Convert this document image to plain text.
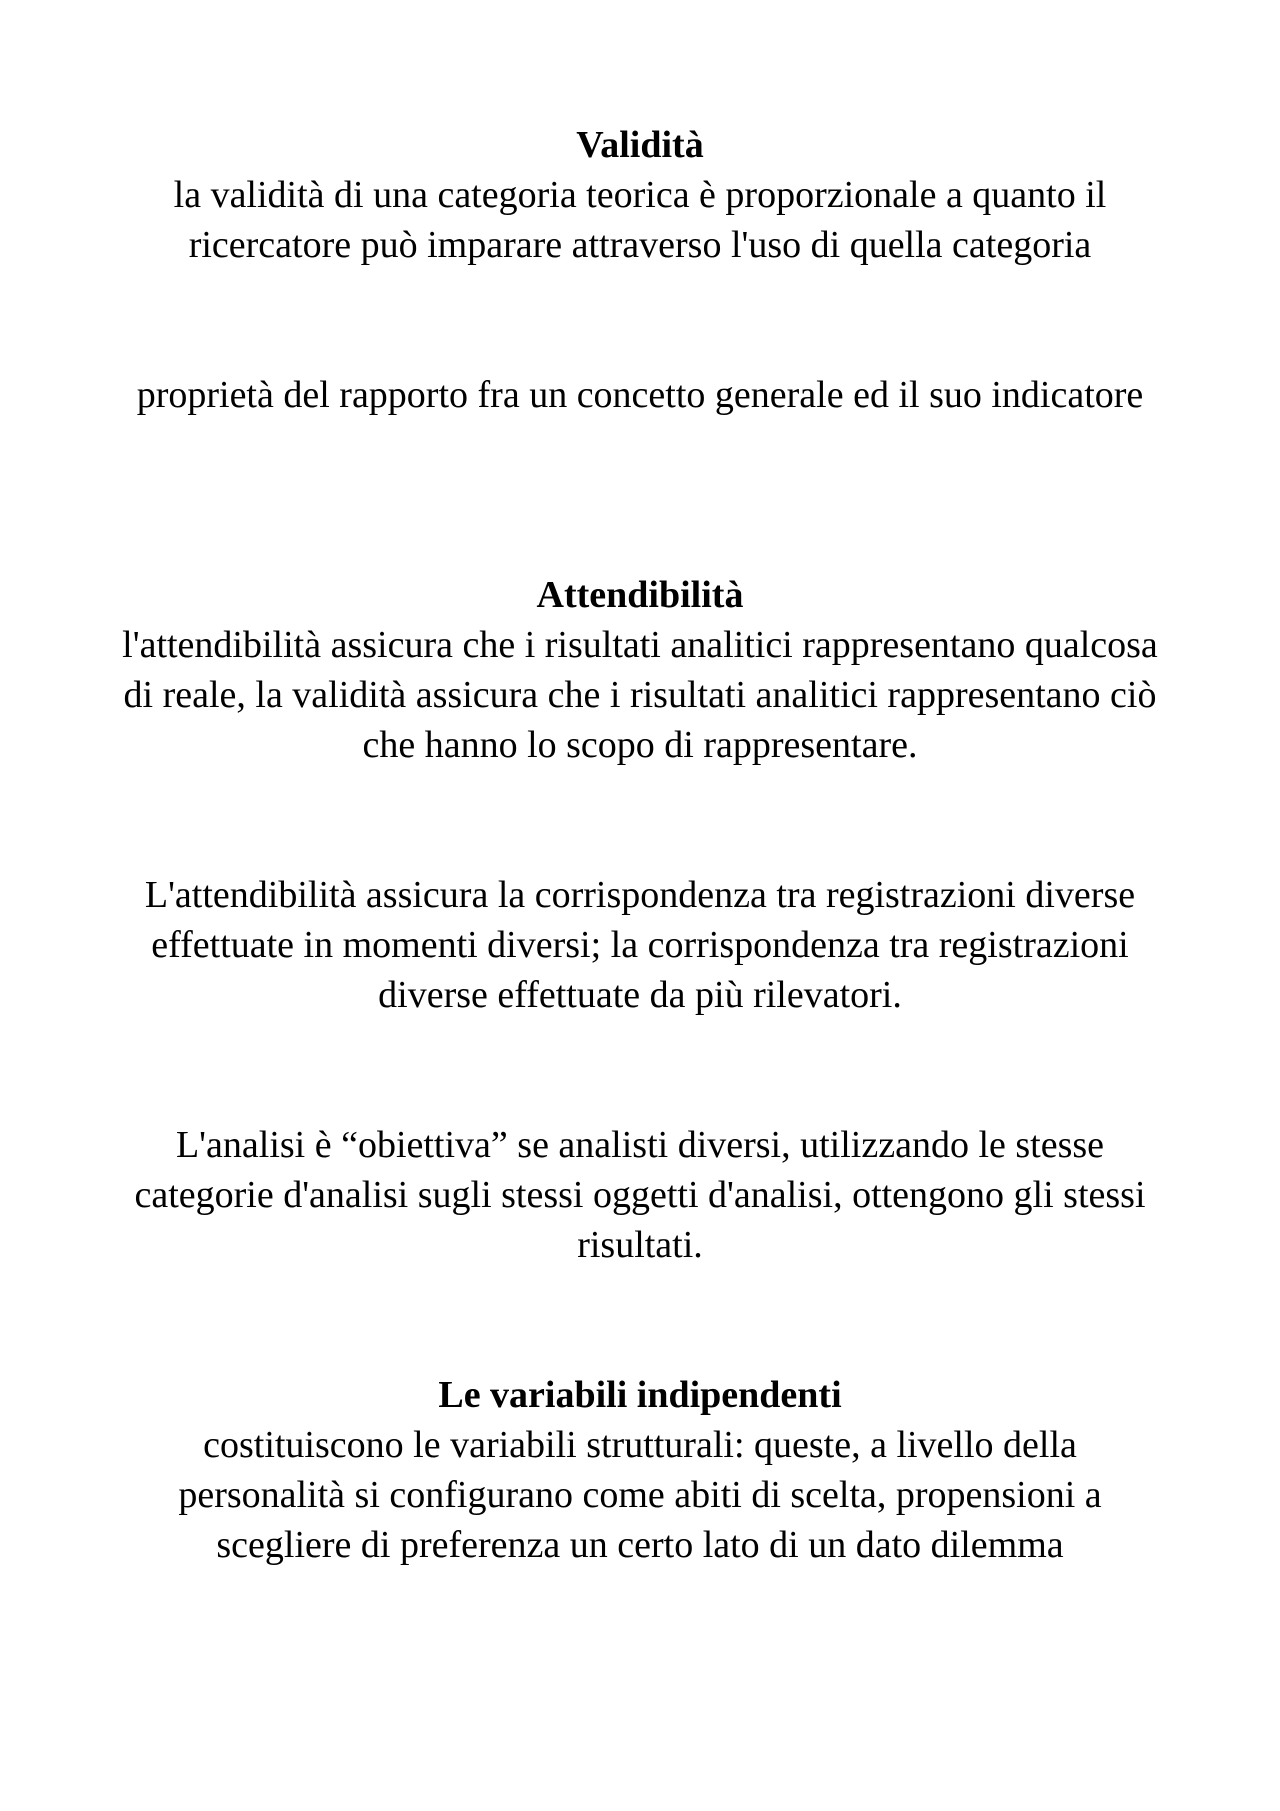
Validità
la validità di una categoria teorica è proporzionale a quanto il ricercatore può imparare attraverso l'uso di quella categoria
proprietà del rapporto fra un concetto generale ed il suo indicatore
Attendibilità
l'attendibilità assicura che i risultati analitici rappresentano qualcosa di reale, la validità assicura che i risultati analitici rappresentano ciò che hanno lo scopo di rappresentare.
L'attendibilità assicura la corrispondenza tra registrazioni diverse effettuate in momenti diversi; la corrispondenza tra registrazioni diverse effettuate da più rilevatori.
L'analisi è “obiettiva” se analisti diversi, utilizzando le stesse categorie d'analisi sugli stessi oggetti d'analisi, ottengono gli stessi risultati.
Le variabili indipendenti
costituiscono le variabili strutturali: queste, a livello della personalità si configurano come abiti di scelta, propensioni a scegliere di preferenza un certo lato di un dato dilemma
